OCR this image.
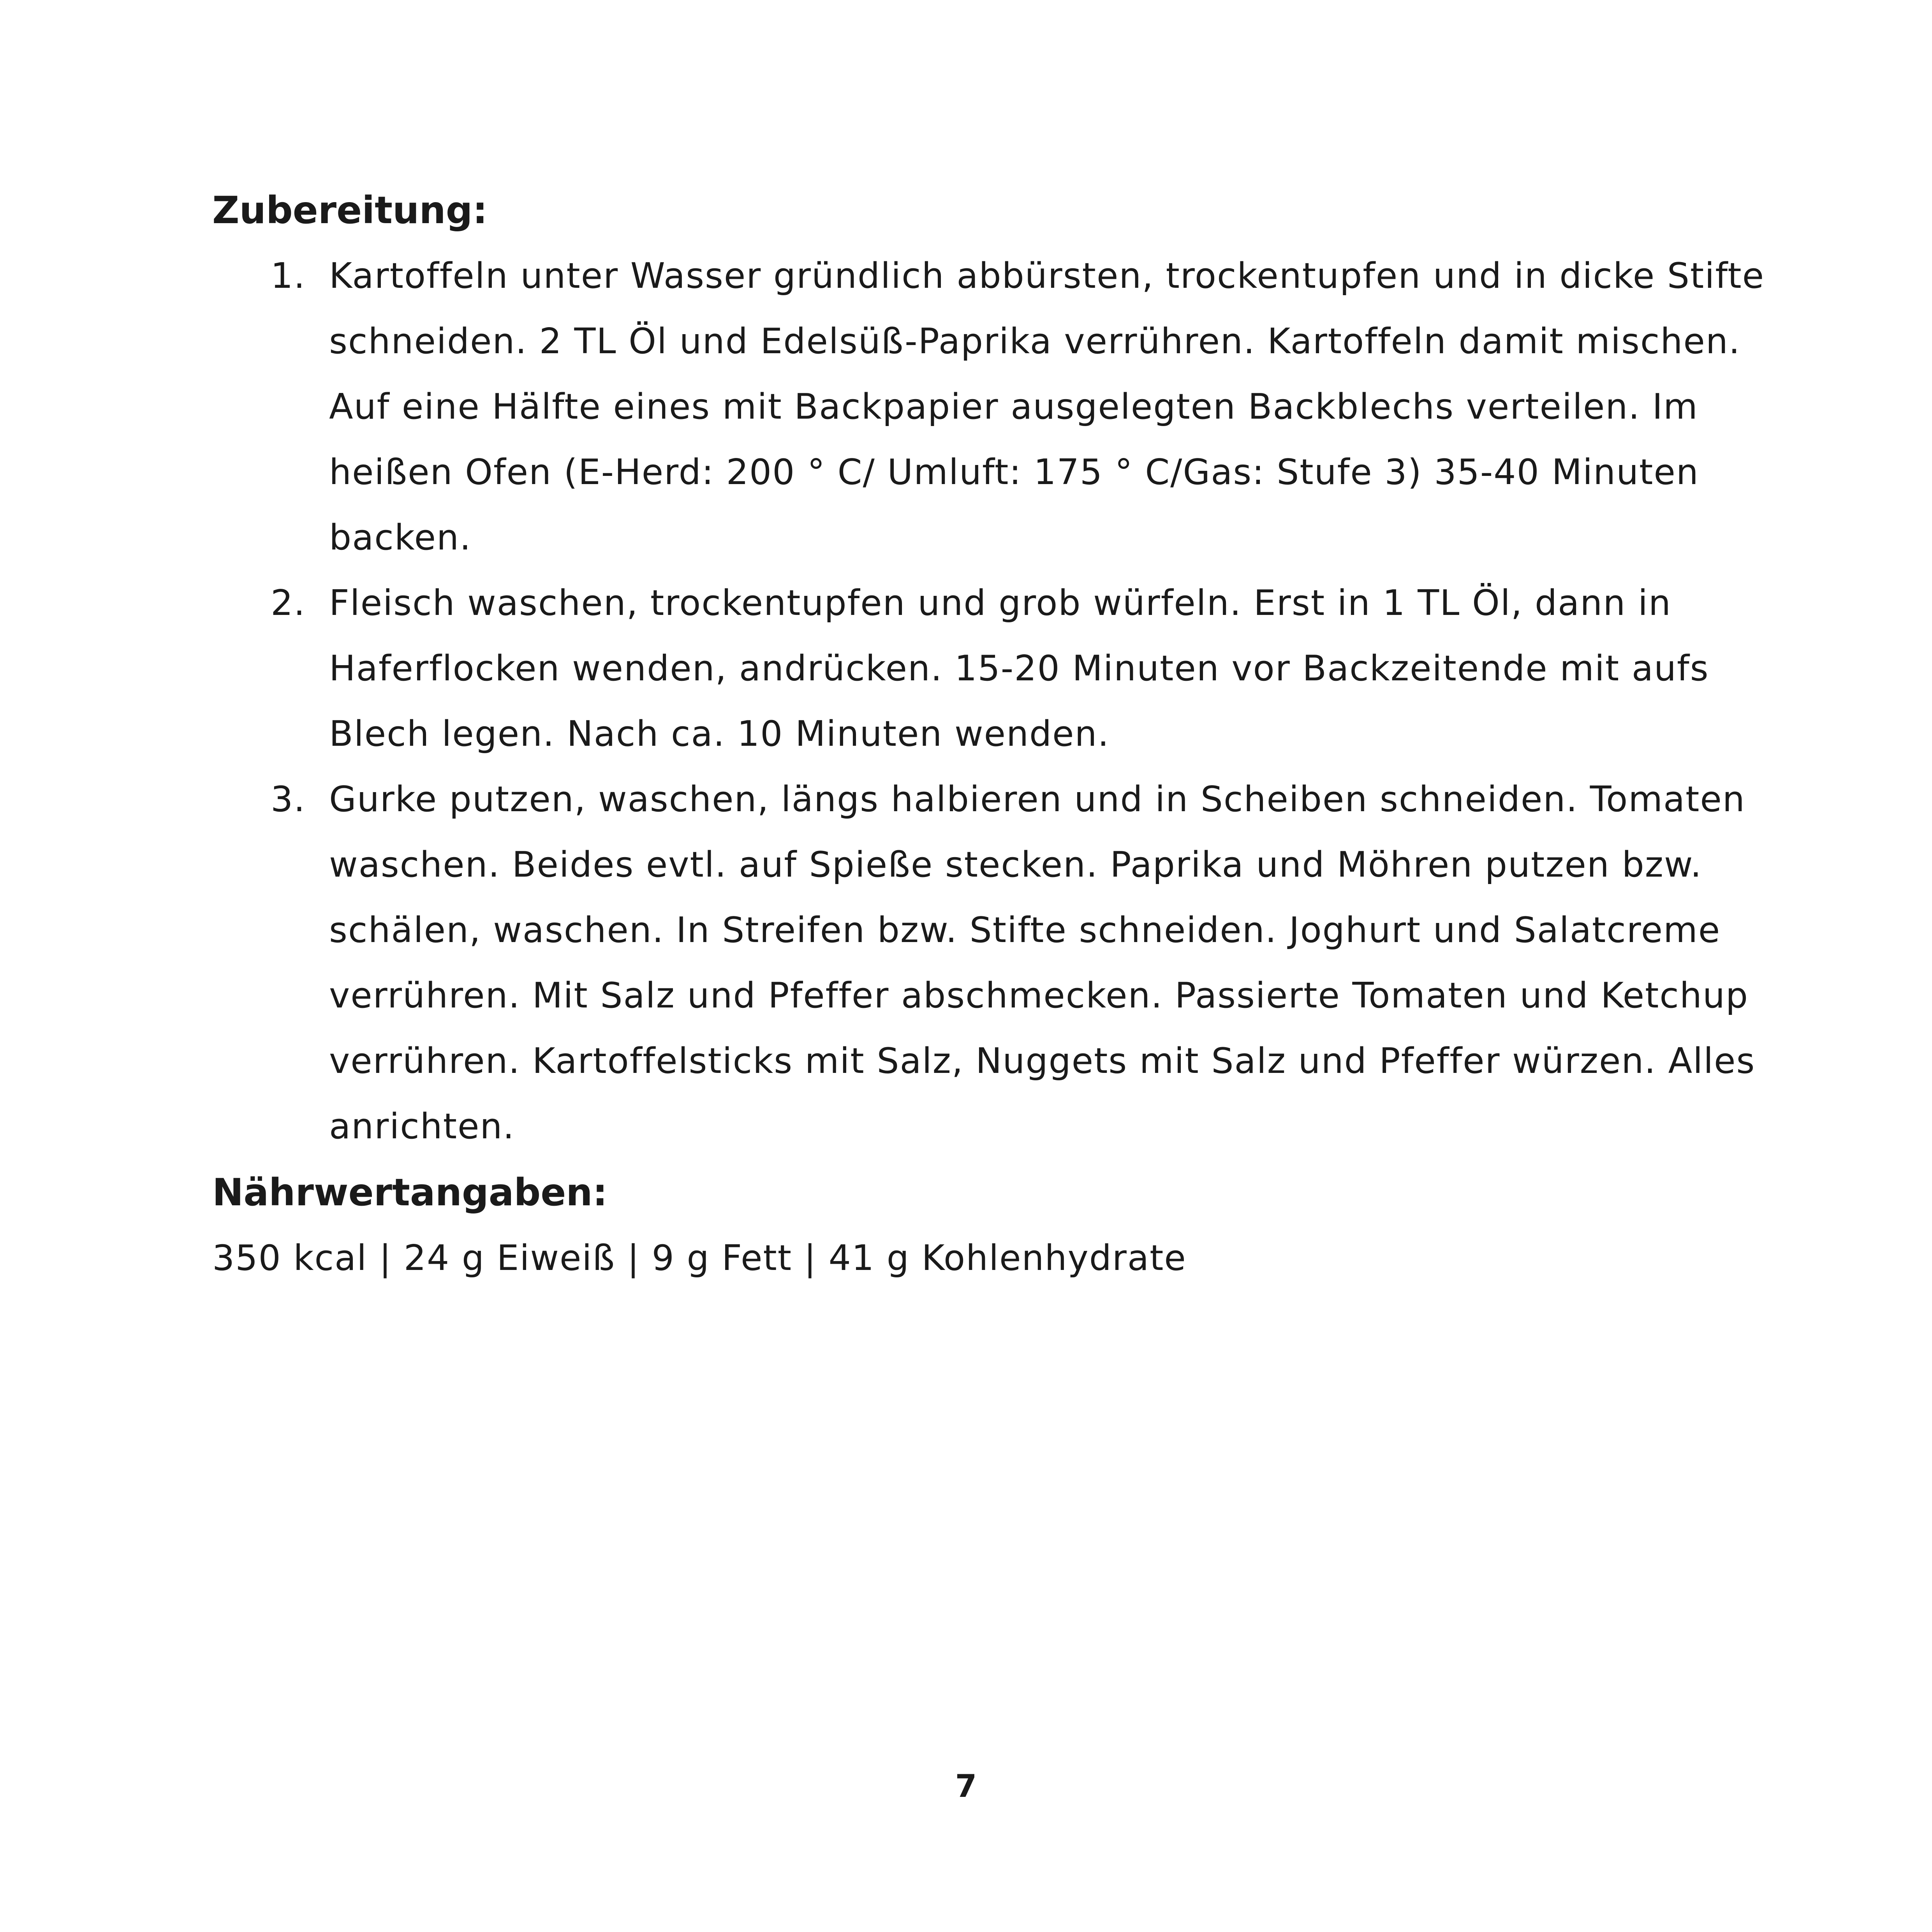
Zubereitung:
1. Kartoffeln unter Wasser gründlich abbürsten, trockentupfen und in dicke Stifte schneiden. 2 TL Öl und Edelsüß-Paprika verrühren. Kartoffeln damit mischen. Auf eine Hälfte eines mit Backpapier ausgelegten Backblechs verteilen. Im heißen Ofen (E-Herd: 200 ° C/ Umluft: 175 ° C/Gas: Stufe 3) 35-40 Minuten backen.
2. Fleisch waschen, trockentupfen und grob würfeln. Erst in 1 TL Öl, dann in Haferflocken wenden, andrücken. 15-20 Minuten vor Backzeitende mit aufs Blech legen. Nach ca. 10 Minuten wenden.
3. Gurke putzen, waschen, längs halbieren und in Scheiben schneiden. Tomaten waschen. Beides evtl. auf Spieße stecken. Paprika und Möhren putzen bzw. schälen, waschen. In Streifen bzw. Stifte schneiden. Joghurt und Salatcreme verrühren. Mit Salz und Pfeffer abschmecken. Passierte Tomaten und Ketchup verrühren. Kartoffelsticks mit Salz, Nuggets mit Salz und Pfeffer würzen. Alles anrichten.
Nährwertangaben:

350 kcal | 24 g Eiweiß | 9 g Fett | 41 g Kohlenhydrate

7
